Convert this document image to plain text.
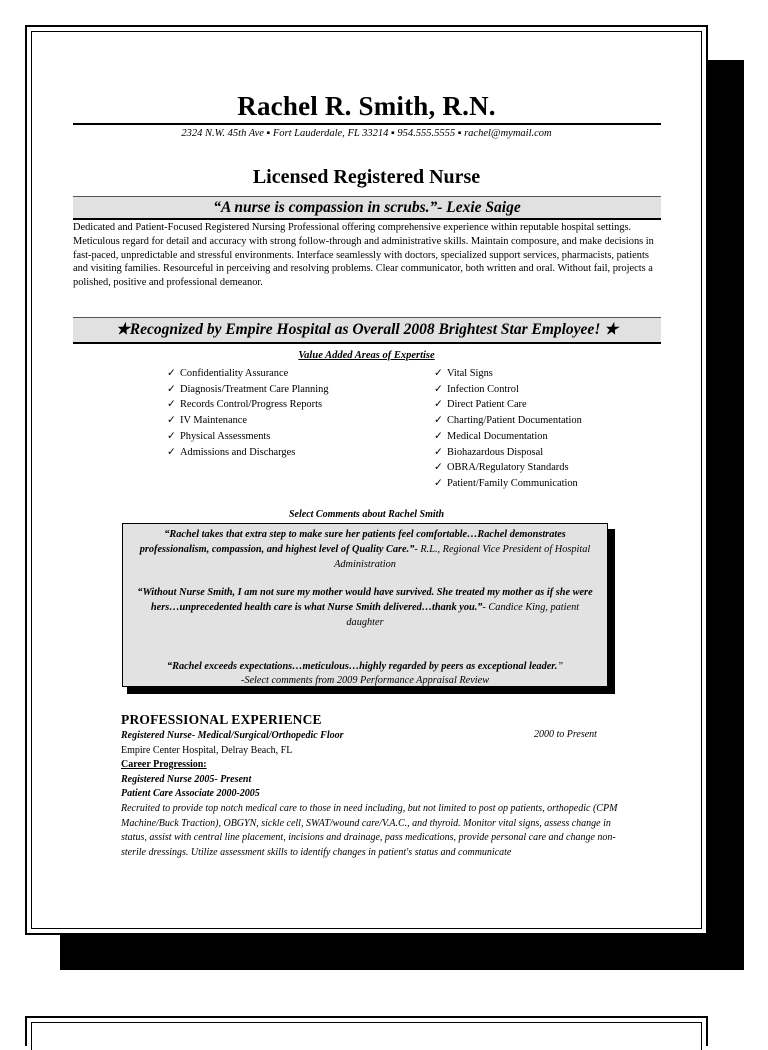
Rachel R. Smith, R.N.
2324 N.W. 45th Ave ▪ Fort Lauderdale, FL 33214 ▪ 954.555.5555 ▪ rachel@mymail.com
Licensed Registered Nurse
“A nurse is compassion in scrubs.”- Lexie Saige
Dedicated and Patient-Focused Registered Nursing Professional offering comprehensive experience within reputable hospital settings. Meticulous regard for detail and accuracy with strong follow-through and administrative skills. Maintain composure, and make decisions in fast-paced, unpredictable and stressful environments. Interface seamlessly with doctors, specialized support services, pharmacists, patients and visiting families. Resourceful in perceiving and resolving problems. Clear communicator, both written and oral. Without fail, projects a polished, positive and professional demeanor.
★Recognized by Empire Hospital as Overall 2008 Brightest Star Employee! ★
Value Added Areas of Expertise
✓ Confidentiality Assurance
✓ Diagnosis/Treatment Care Planning
✓ Records Control/Progress Reports
✓ IV Maintenance
✓ Physical Assessments
✓ Admissions and Discharges
✓ Vital Signs
✓ Infection Control
✓ Direct Patient Care
✓ Charting/Patient Documentation
✓ Medical Documentation
✓ Biohazardous Disposal
✓ OBRA/Regulatory Standards
✓ Patient/Family Communication
Select Comments about Rachel Smith
“Rachel takes that extra step to make sure her patients feel comfortable…Rachel demonstrates professionalism, compassion, and highest level of Quality Care.”- R.L., Regional Vice President of Hospital Administration
“Without Nurse Smith, I am not sure my mother would have survived. She treated my mother as if she were hers…unprecedented health care is what Nurse Smith delivered…thank you.”- Candice King, patient daughter

“Rachel exceeds expectations…meticulous…highly regarded by peers as exceptional leader.”
-Select comments from 2009 Performance Appraisal Review

PROFESSIONAL EXPERIENCE
2000 to Present
Registered Nurse- Medical/Surgical/Orthopedic Floor
Empire Center Hospital, Delray Beach, FL
Career Progression:
Registered Nurse 2005- Present
Patient Care Associate 2000-2005
Recruited to provide top notch medical care to those in need including, but not limited to post op patients, orthopedic (CPM Machine/Buck Traction), OBGYN, sickle cell, SWAT/wound care/V.A.C., and thyroid. Monitor vital signs, assess change in status, assist with central line placement, incisions and drainage, pass medications, provide personal care and change non-sterile dressings. Utilize assessment skills to identify changes in patient's status and communicate
